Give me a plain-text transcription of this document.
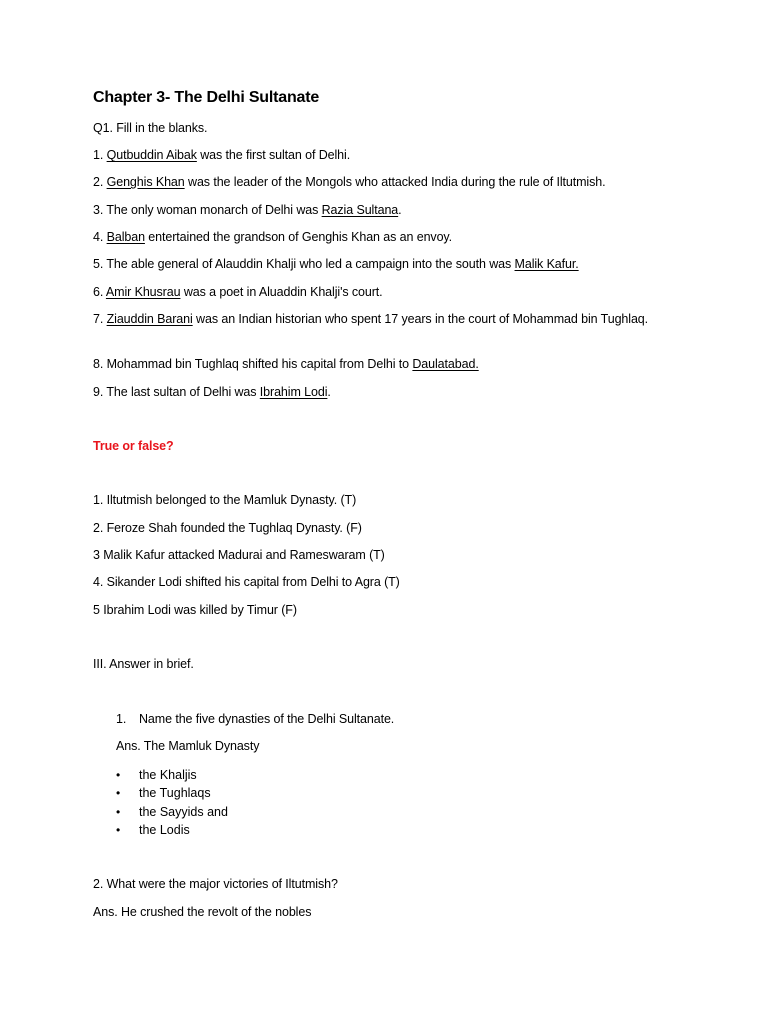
Chapter 3- The Delhi Sultanate
Q1. Fill in the blanks.
1. Qutbuddin Aibak was the first sultan of Delhi.
2. Genghis Khan was the leader of the Mongols who attacked India during the rule of Iltutmish.
3. The only woman monarch of Delhi was Razia Sultana.
4. Balban entertained the grandson of Genghis Khan as an envoy.
5. The able general of Alauddin Khalji who led a campaign into the south was Malik Kafur.
6. Amir Khusrau was a poet in Aluaddin Khalji's court.
7. Ziauddin Barani was an Indian historian who spent 17 years in the court of Mohammad bin Tughlaq.
8. Mohammad bin Tughlaq shifted his capital from Delhi to Daulatabad.
9. The last sultan of Delhi was Ibrahim Lodi.
True or false?
1. Iltutmish belonged to the Mamluk Dynasty. (T)
2. Feroze Shah founded the Tughlaq Dynasty. (F)
3 Malik Kafur attacked Madurai and Rameswaram (T)
4. Sikander Lodi shifted his capital from Delhi to Agra (T)
5 Ibrahim Lodi was killed by Timur (F)
III. Answer in brief.
1. Name the five dynasties of the Delhi Sultanate.
Ans. The Mamluk Dynasty
• the Khaljis
• the Tughlaqs
• the Sayyids and
• the Lodis
2. What were the major victories of Iltutmish?
Ans. He crushed the revolt of the nobles
